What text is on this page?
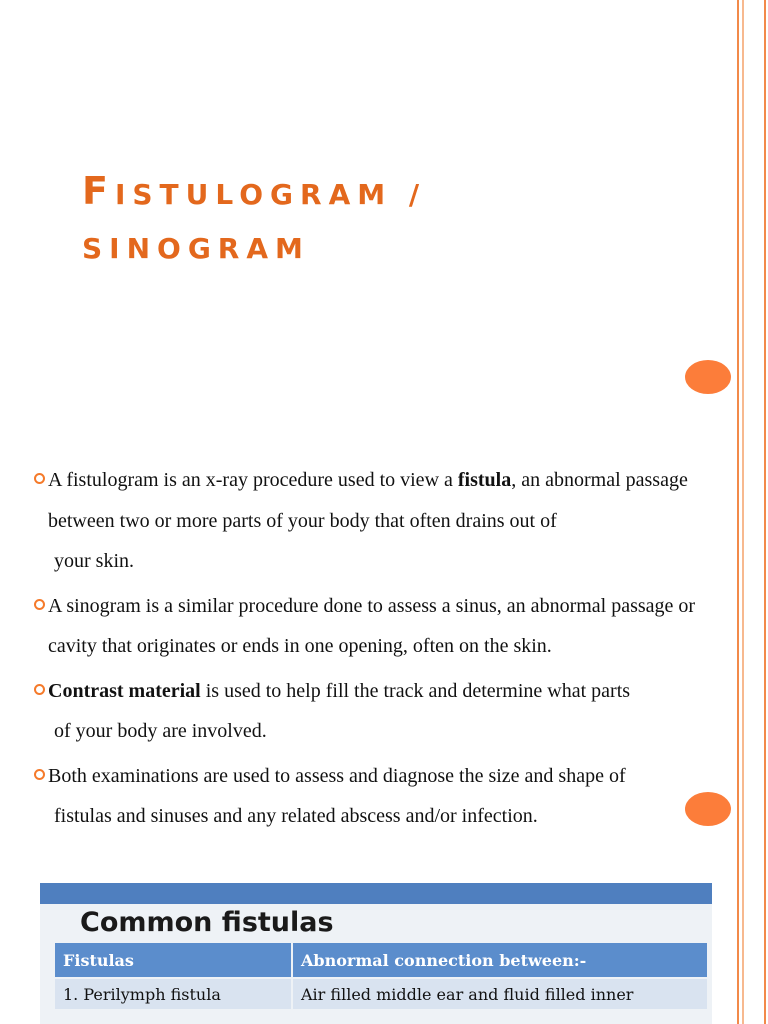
FISTULOGRAM /
SINOGRAM
A fistulogram is an x-ray procedure used to view a fistula, an abnormal passage between two or more parts of your body that often drains out of
your skin.
A sinogram is a similar procedure done to assess a sinus, an abnormal passage or cavity that originates or ends in one opening, often on the skin.
Contrast material is used to help fill the track and determine what parts
of your body are involved.
Both examinations are used to assess and diagnose the size and shape of
fistulas and sinuses and any related abscess and/or infection.
Common fistulas
Fistulas	Abnormal connection between:-
1. Perilymph fistula	Air filled middle ear and fluid filled inner
